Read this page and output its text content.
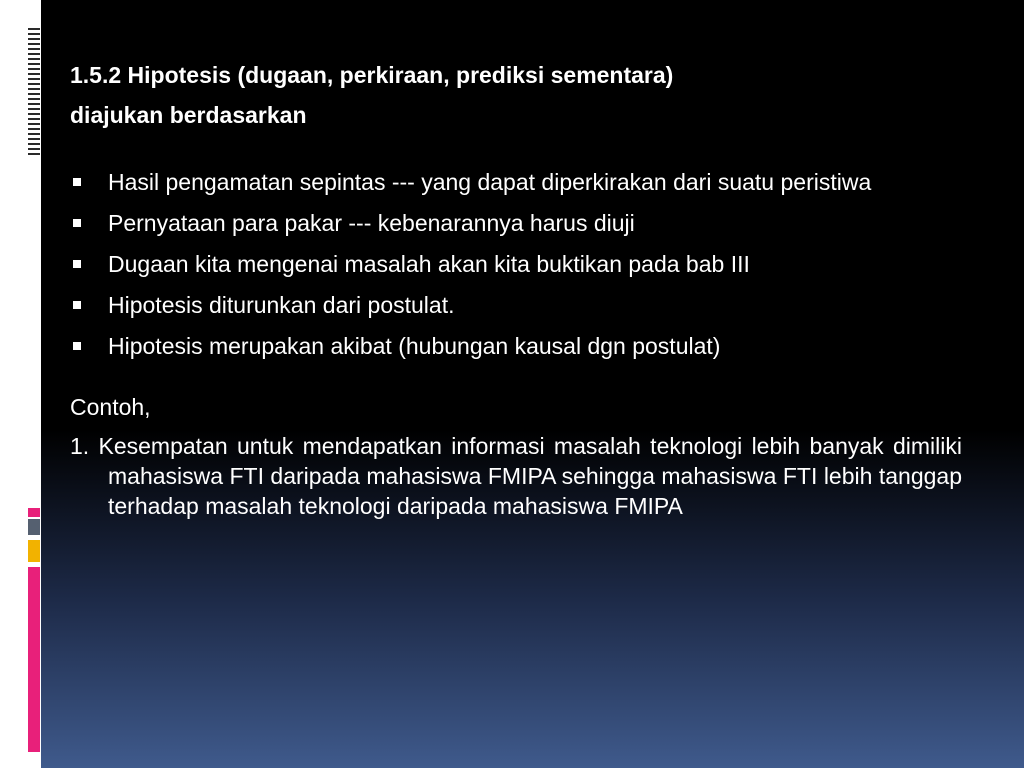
1.5.2 Hipotesis (dugaan, perkiraan, prediksi sementara)
diajukan berdasarkan

Hasil pengamatan sepintas --- yang dapat diperkirakan dari suatu peristiwa
Pernyataan para pakar --- kebenarannya harus diuji
Dugaan kita mengenai masalah akan kita buktikan pada bab III
Hipotesis diturunkan dari postulat.
Hipotesis merupakan akibat (hubungan kausal dgn postulat)

Contoh,

1. Kesempatan untuk mendapatkan informasi masalah teknologi lebih banyak dimiliki mahasiswa FTI daripada mahasiswa FMIPA sehingga mahasiswa FTI lebih tanggap terhadap masalah teknologi daripada mahasiswa FMIPA
